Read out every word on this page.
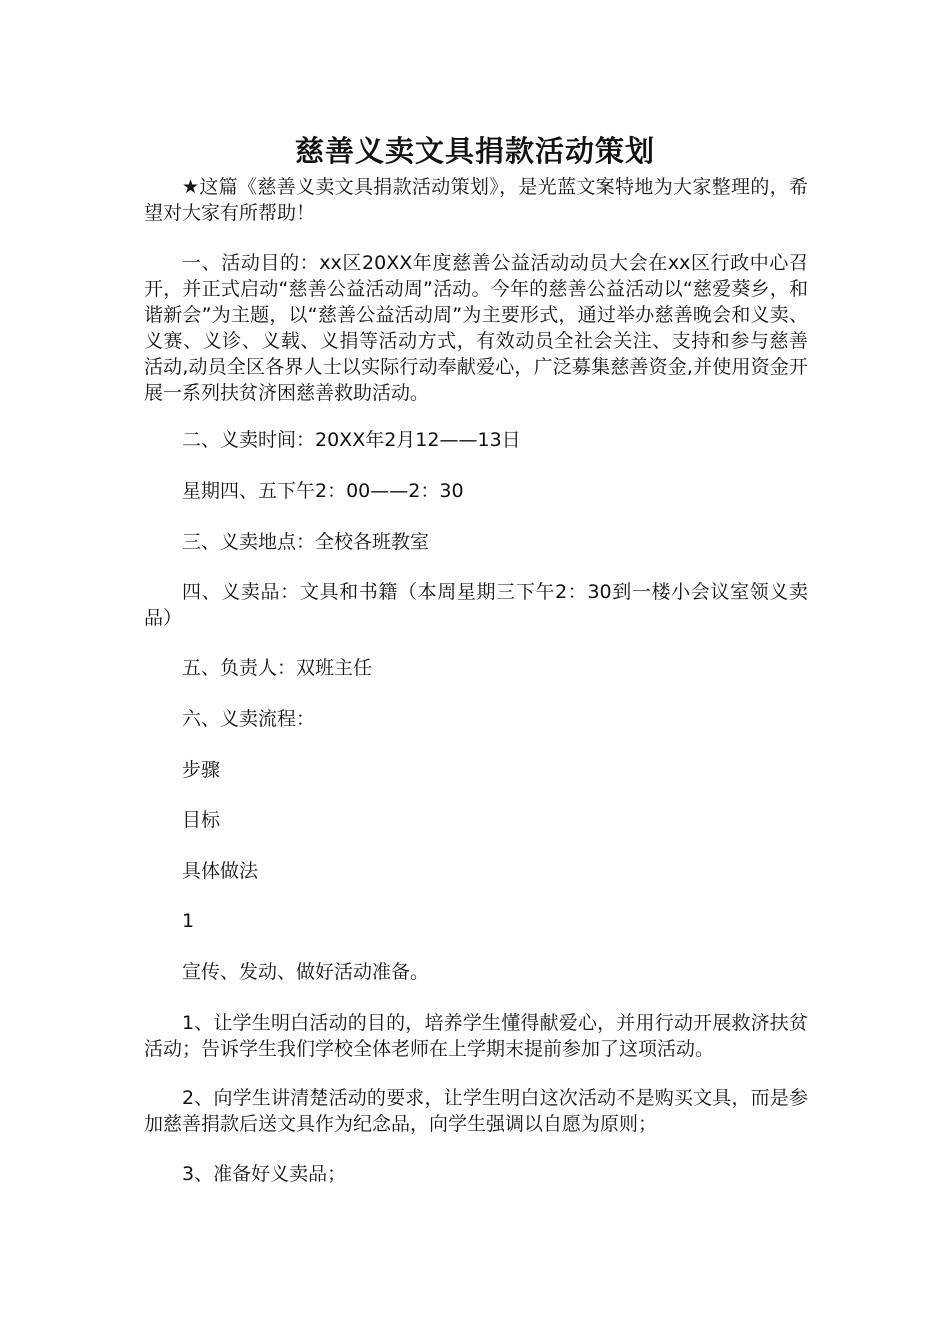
慈善义卖文具捐款活动策划

★这篇《慈善义卖文具捐款活动策划》，是光蓝文案特地为大家整理的，希望对大家有所帮助！

一、活动目的：xx区20XX年度慈善公益活动动员大会在xx区行政中心召开，并正式启动“慈善公益活动周”活动。今年的慈善公益活动以“慈爱葵乡，和谐新会”为主题，以“慈善公益活动周”为主要形式，通过举办慈善晚会和义卖、义赛、义诊、义载、义捐等活动方式，有效动员全社会关注、支持和参与慈善活动,动员全区各界人士以实际行动奉献爱心，广泛募集慈善资金,并使用资金开展一系列扶贫济困慈善救助活动。

二、义卖时间：20XX年2月12——13日

星期四、五下午2：00——2：30

三、义卖地点：全校各班教室

四、义卖品：文具和书籍（本周星期三下午2：30到一楼小会议室领义卖品）

五、负责人：双班主任

六、义卖流程：

步骤

目标

具体做法

1

宣传、发动、做好活动准备。

1、让学生明白活动的目的，培养学生懂得献爱心，并用行动开展救济扶贫活动；告诉学生我们学校全体老师在上学期末提前参加了这项活动。

2、向学生讲清楚活动的要求，让学生明白这次活动不是购买文具，而是参加慈善捐款后送文具作为纪念品，向学生强调以自愿为原则；

3、准备好义卖品；
